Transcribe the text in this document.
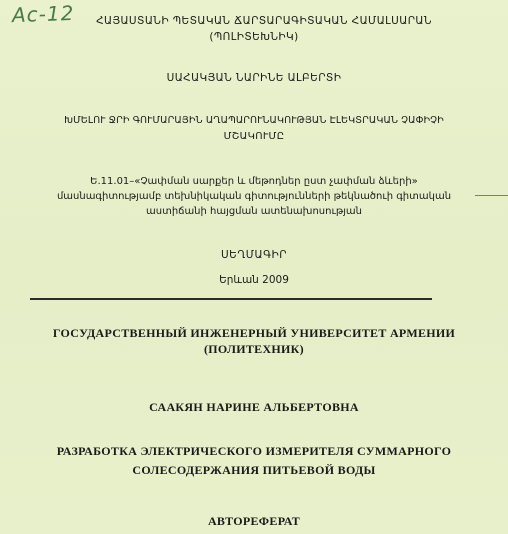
Ac-12	ՀԱՅԱՍՏԱՆԻ ՊԵՏԱԿԱՆ ՃԱՐՏԱՐԱԳԻՏԱԿԱՆ ՀԱՄԱԼՍԱՐԱՆ
(ՊՈԼԻՏԵԽՆԻԿ)
ՍԱՀԱԿՅԱՆ ՆԱՐԻՆԵ ԱԼԲԵՐՏԻ
ԽՄԵԼՈՒ ՋՐԻ ԳՈՒՄԱՐԱՅԻՆ ԱՂԱՊԱՐՈՒՆԱԿՈՒԹՅԱՆ ԷԼԵԿՏՐԱԿԱՆ ՉԱՓԻՉԻ
ՄՇԱԿՈՒՄԸ
Ե.11.01–«Չափման սարքեր և մեթոդներ ըստ չափման ձևերի»
մասնագիտությամբ տեխնիկական գիտությունների թեկնածուի գիտական
աստիճանի հայցման ատենախոսության
ՍԵՂՄԱԳԻՐ
Երևան 2009
ГОСУДАРСТВЕННЫЙ ИНЖЕНЕРНЫЙ УНИВЕРСИТЕТ АРМЕНИИ
(ПОЛИТЕХНИК)
СААКЯН НАРИНЕ АЛЬБЕРТОВНА
РАЗРАБОТКА ЭЛЕКТРИЧЕСКОГО ИЗМЕРИТЕЛЯ СУММАРНОГО
СОЛЕСОДЕРЖАНИЯ ПИТЬЕВОЙ ВОДЫ
АВТОРЕФЕРАТ
